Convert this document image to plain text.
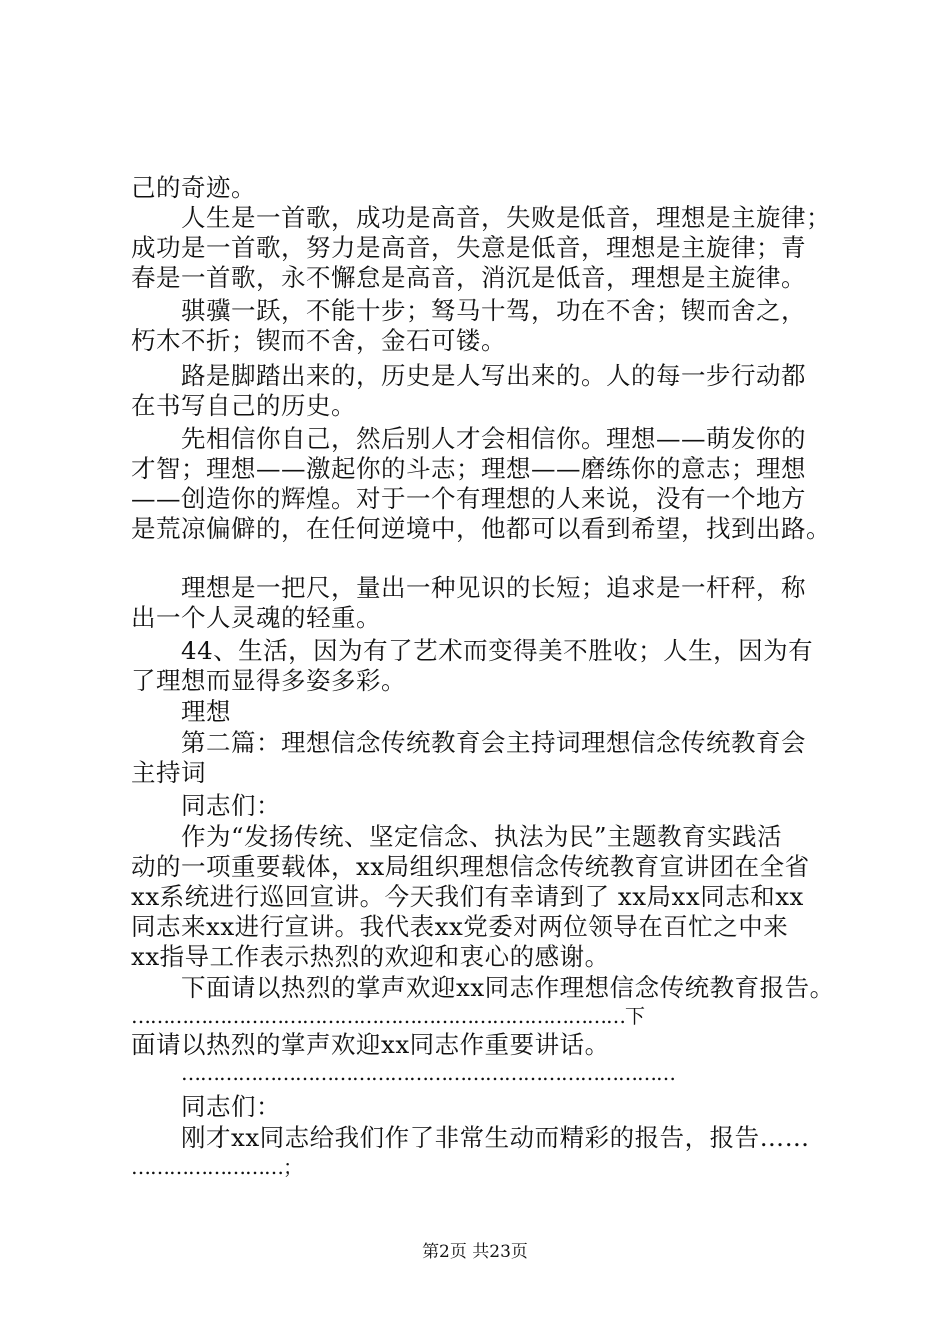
己的奇迹。
人生是一首歌，成功是高音，失败是低音，理想是主旋律；
成功是一首歌，努力是高音，失意是低音，理想是主旋律；青
春是一首歌，永不懈怠是高音，消沉是低音，理想是主旋律。
骐骥一跃，不能十步；驽马十驾，功在不舍；锲而舍之，
朽木不折；锲而不舍，金石可镂。
路是脚踏出来的，历史是人写出来的。人的每一步行动都
在书写自己的历史。
先相信你自己，然后别人才会相信你。理想——萌发你的
才智；理想——激起你的斗志；理想——磨练你的意志；理想
——创造你的辉煌。对于一个有理想的人来说，没有一个地方
是荒凉偏僻的，在任何逆境中，他都可以看到希望，找到出路。
理想是一把尺，量出一种见识的长短；追求是一杆秤，称
出一个人灵魂的轻重。
44、生活，因为有了艺术而变得美不胜收；人生，因为有
了理想而显得多姿多彩。
理想
第二篇：理想信念传统教育会主持词理想信念传统教育会
主持词
同志们：
作为“发扬传统、坚定信念、执法为民”主题教育实践活
动的一项重要载体，xx局组织理想信念传统教育宣讲团在全省
xx系统进行巡回宣讲。今天我们有幸请到了 xx局xx同志和xx
同志来xx进行宣讲。我代表xx党委对两位领导在百忙之中来
xx指导工作表示热烈的欢迎和衷心的感谢。
下面请以热烈的掌声欢迎xx同志作理想信念传统教育报告。
……………………………………………………………………下
面请以热烈的掌声欢迎xx同志作重要讲话。
……………………………………………………………………
同志们：
刚才xx同志给我们作了非常生动而精彩的报告，报告……
……………………；
第2页 共23页
